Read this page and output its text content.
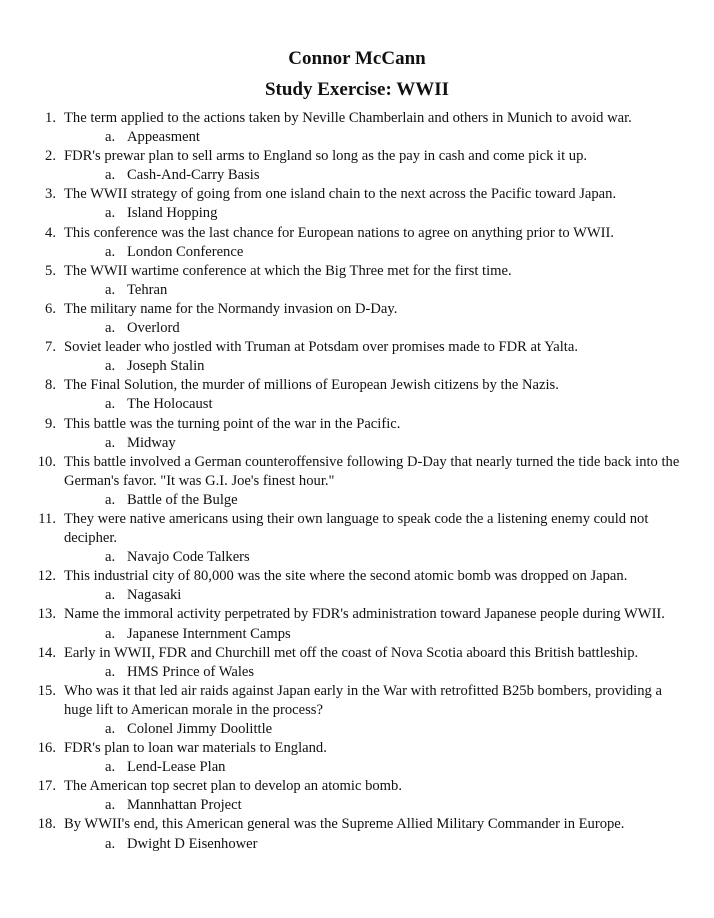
Connor McCann
Study Exercise: WWII
1. The term applied to the actions taken by Neville Chamberlain and others in Munich to avoid war.
a. Appeasment
2. FDR's prewar plan to sell arms to England so long as the pay in cash and come pick it up.
a. Cash-And-Carry Basis
3. The WWII strategy of going from one island chain to the next across the Pacific toward Japan.
a. Island Hopping
4. This conference was the last chance for European nations to agree on anything prior to WWII.
a. London Conference
5. The WWII wartime conference at which the Big Three met for the first time.
a. Tehran
6. The military name for the Normandy invasion on D-Day.
a. Overlord
7. Soviet leader who jostled with Truman at Potsdam over promises made to FDR at Yalta.
a. Joseph Stalin
8. The Final Solution, the murder of millions of European Jewish citizens by the Nazis.
a. The Holocaust
9. This battle was the turning point of the war in the Pacific.
a. Midway
10. This battle involved a German counteroffensive following D-Day that nearly turned the tide back into the German's favor. "It was G.I. Joe's finest hour."
a. Battle of the Bulge
11. They were native americans using their own language to speak code the a listening enemy could not decipher.
a. Navajo Code Talkers
12. This industrial city of 80,000 was the site where the second atomic bomb was dropped on Japan.
a. Nagasaki
13. Name the immoral activity perpetrated by FDR's administration toward Japanese people during WWII.
a. Japanese Internment Camps
14. Early in WWII, FDR and Churchill met off the coast of Nova Scotia aboard this British battleship.
a. HMS Prince of Wales
15. Who was it that led air raids against Japan early in the War with retrofitted B25b bombers, providing a huge lift to American morale in the process?
a. Colonel Jimmy Doolittle
16. FDR's plan to loan war materials to England.
a. Lend-Lease Plan
17. The American top secret plan to develop an atomic bomb.
a. Mannhattan Project
18. By WWII's end, this American general was the Supreme Allied Military Commander in Europe.
a. Dwight D Eisenhower
